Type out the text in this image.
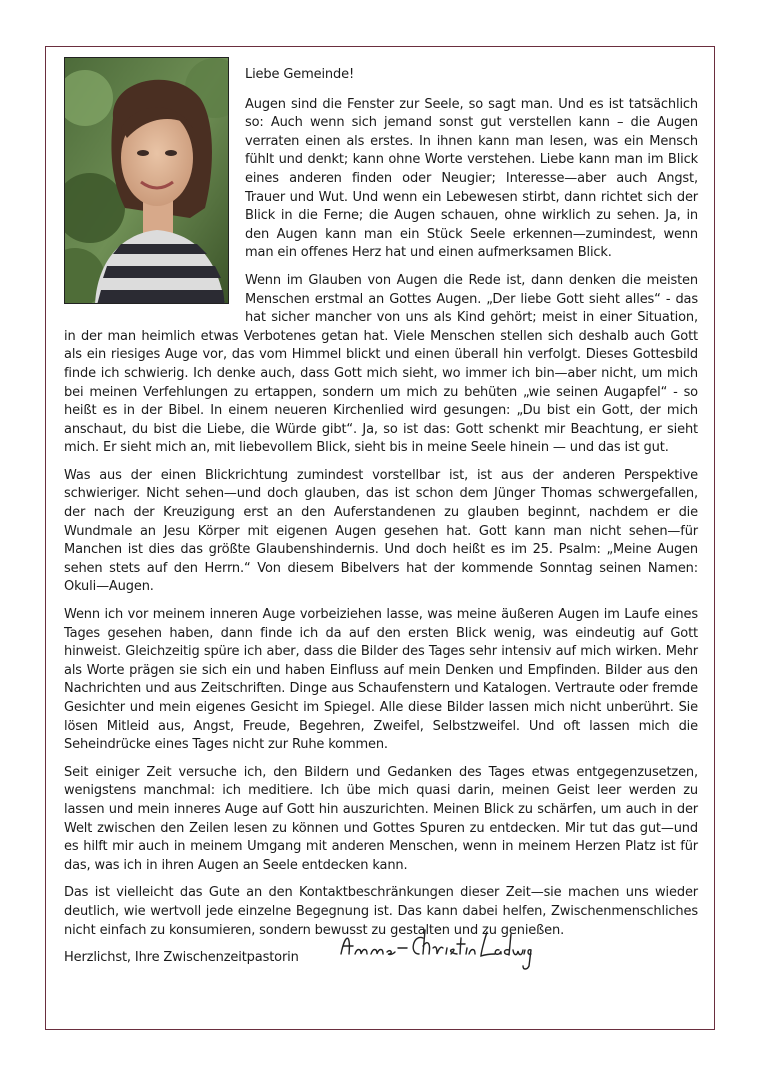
Liebe Gemeinde!

Augen sind die Fenster zur Seele, so sagt man. Und es ist tatsächlich so: Auch wenn sich jemand sonst gut verstellen kann – die Augen verraten einen als erstes. In ihnen kann man lesen, was ein Mensch fühlt und denkt; kann ohne Worte verstehen. Liebe kann man im Blick eines anderen finden oder Neugier; Interesse—aber auch Angst, Trauer und Wut. Und wenn ein Lebewesen stirbt, dann richtet sich der Blick in die Ferne; die Augen schauen, ohne wirklich zu sehen. Ja, in den Augen kann man ein Stück Seele erkennen—zumindest, wenn man ein offenes Herz hat und einen aufmerksamen Blick.

Wenn im Glauben von Augen die Rede ist, dann denken die meisten Menschen erstmal an Gottes Augen. „Der liebe Gott sieht alles“ - das hat sicher mancher von uns als Kind gehört; meist in einer Situation, in der man heimlich etwas Verbotenes getan hat. Viele Menschen stellen sich deshalb auch Gott als ein riesiges Auge vor, das vom Himmel blickt und einen überall hin verfolgt. Dieses Gottesbild finde ich schwierig. Ich denke auch, dass Gott mich sieht, wo immer ich bin—aber nicht, um mich bei meinen Verfehlungen zu ertappen, sondern um mich zu behüten „wie seinen Augapfel“ - so heißt es in der Bibel. In einem neueren Kirchenlied wird gesungen: „Du bist ein Gott, der mich anschaut, du bist die Liebe, die Würde gibt“. Ja, so ist das: Gott schenkt mir Beachtung, er sieht mich. Er sieht mich an, mit liebevollem Blick, sieht bis in meine Seele hinein — und das ist gut.

Was aus der einen Blickrichtung zumindest vorstellbar ist, ist aus der anderen Perspektive schwieriger. Nicht sehen—und doch glauben, das ist schon dem Jünger Thomas schwergefallen, der nach der Kreuzigung erst an den Auferstandenen zu glauben beginnt, nachdem er die Wundmale an Jesu Körper mit eigenen Augen gesehen hat. Gott kann man nicht sehen—für Manchen ist dies das größte Glaubenshindernis. Und doch heißt es im 25. Psalm: „Meine Augen sehen stets auf den Herrn.“ Von diesem Bibelvers hat der kommende Sonntag seinen Namen: Okuli—Augen.

Wenn ich vor meinem inneren Auge vorbeiziehen lasse, was meine äußeren Augen im Laufe eines Tages gesehen haben, dann finde ich da auf den ersten Blick wenig, was eindeutig auf Gott hinweist. Gleichzeitig spüre ich aber, dass die Bilder des Tages sehr intensiv auf mich wirken. Mehr als Worte prägen sie sich ein und haben Einfluss auf mein Denken und Empfinden. Bilder aus den Nachrichten und aus Zeitschriften. Dinge aus Schaufenstern und Katalogen. Vertraute oder fremde Gesichter und mein eigenes Gesicht im Spiegel. Alle diese Bilder lassen mich nicht unberührt. Sie lösen Mitleid aus, Angst, Freude, Begehren, Zweifel, Selbstzweifel. Und oft lassen mich die Seheindrücke eines Tages nicht zur Ruhe kommen.

Seit einiger Zeit versuche ich, den Bildern und Gedanken des Tages etwas entgegenzusetzen, wenigstens manchmal: ich meditiere. Ich übe mich quasi darin, meinen Geist leer werden zu lassen und mein inneres Auge auf Gott hin auszurichten. Meinen Blick zu schärfen, um auch in der Welt zwischen den Zeilen lesen zu können und Gottes Spuren zu entdecken. Mir tut das gut—und es hilft mir auch in meinem Umgang mit anderen Menschen, wenn in meinem Herzen Platz ist für das, was ich in ihren Augen an Seele entdecken kann.

Das ist vielleicht das Gute an den Kontaktbeschränkungen dieser Zeit—sie machen uns wieder deutlich, wie wertvoll jede einzelne Begegnung ist. Das kann dabei helfen, Zwischenmenschliches nicht einfach zu konsumieren, sondern bewusst zu gestalten und zu genießen.

Herzlichst, Ihre Zwischenzeitpastorin
